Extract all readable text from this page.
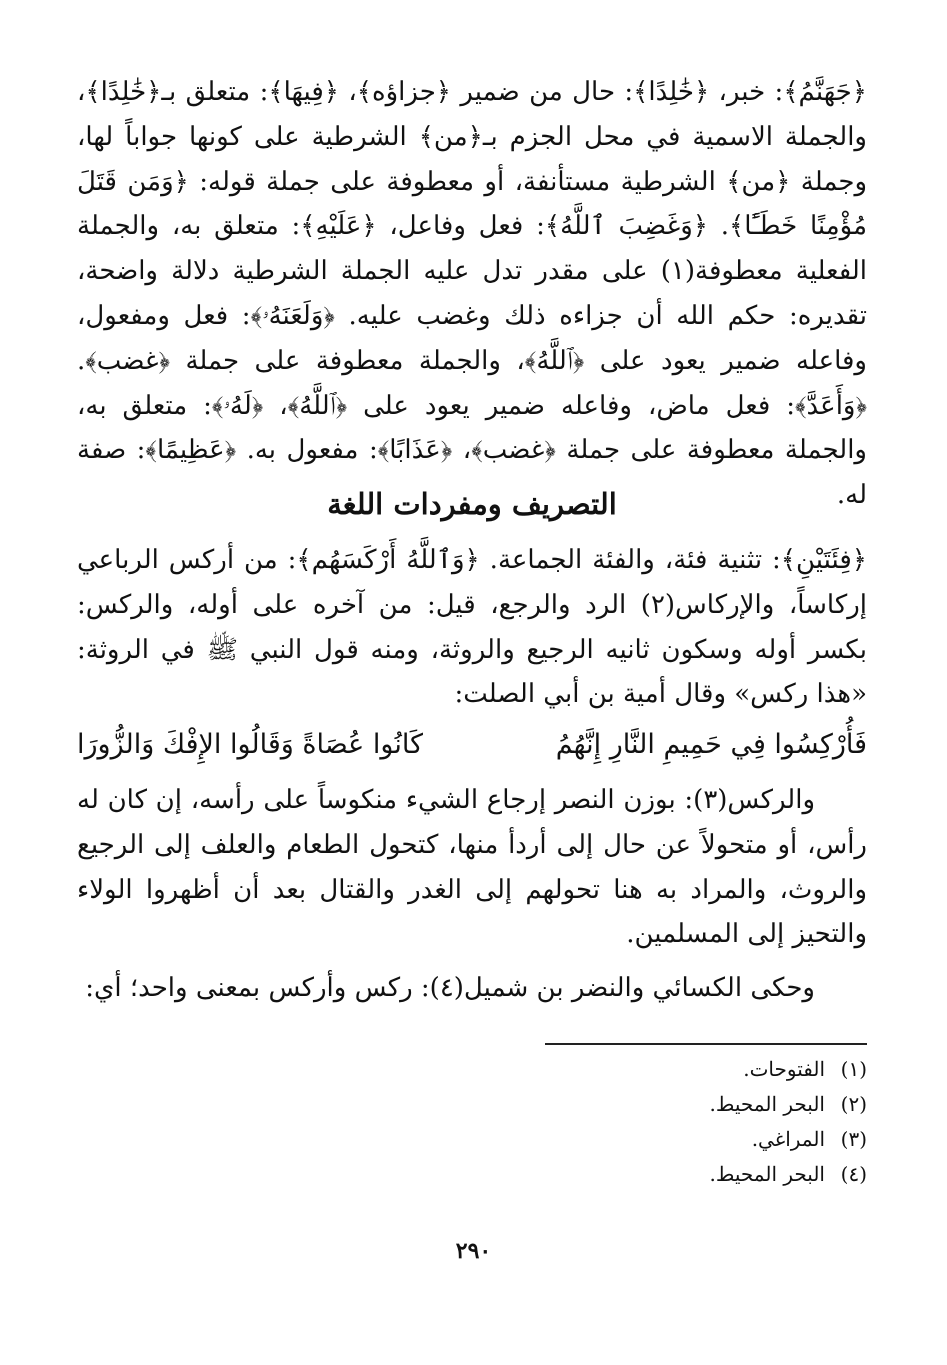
﴿جَهَنَّمُ﴾: خبر، ﴿خَٰلِدًا﴾: حال من ضمير ﴿جزاؤه﴾، ﴿فِيهَا﴾: متعلق بـ﴿خَٰلِدًا﴾، والجملة الاسمية في محل الجزم بـ﴿من﴾ الشرطية على كونها جواباً لها، وجملة ﴿من﴾ الشرطية مستأنفة، أو معطوفة على جملة قوله: ﴿وَمَن قَتَلَ مُؤْمِنًا خَطَـًٔا﴾. ﴿وَغَضِبَ ٱللَّهُ﴾: فعل وفاعل، ﴿عَلَيْهِ﴾: متعلق به، والجملة الفعلية معطوفة(١) على مقدر تدل عليه الجملة الشرطية دلالة واضحة، تقديره: حكم الله أن جزاءه ذلك وغضب عليه. ﴿وَلَعَنَهُۥ﴾: فعل ومفعول، وفاعله ضمير يعود على ﴿ٱللَّهُ﴾، والجملة معطوفة على جملة ﴿غضب﴾. ﴿وَأَعَدَّ﴾: فعل ماض، وفاعله ضمير يعود على ﴿ٱللَّهُ﴾، ﴿لَهُۥ﴾: متعلق به، والجملة معطوفة على جملة ﴿غضب﴾، ﴿عَذَابًا﴾: مفعول به. ﴿عَظِيمًا﴾: صفة له.

التصريف ومفردات اللغة

﴿فِئَتَيْنِ﴾: تثنية فئة، والفئة الجماعة. ﴿وَٱللَّهُ أَرْكَسَهُم﴾: من أركس الرباعي إركاساً، والإركاس(٢) الرد والرجع، قيل: من آخره على أوله، والركس: بكسر أوله وسكون ثانيه الرجيع والروثة، ومنه قول النبي ﷺ في الروثة: «هذا ركس» وقال أمية بن أبي الصلت:

فَأُرْكِسُوا فِي حَمِيمِ النَّارِ إِنَّهُمُ
كَانُوا عُصَاةً وَقَالُوا الإِفْكَ وَالزُّورَا

والركس(٣): بوزن النصر إرجاع الشيء منكوساً على رأسه، إن كان له رأس، أو متحولاً عن حال إلى أردأ منها، كتحول الطعام والعلف إلى الرجيع والروث، والمراد به هنا تحولهم إلى الغدر والقتال بعد أن أظهروا الولاء والتحيز إلى المسلمين.

وحكى الكسائي والنضر بن شميل(٤): ركس وأركس بمعنى واحد؛ أي:

(١)الفتوحات.
(٢)البحر المحيط.
(٣)المراغي.
(٤)البحر المحيط.
٢٩٠
